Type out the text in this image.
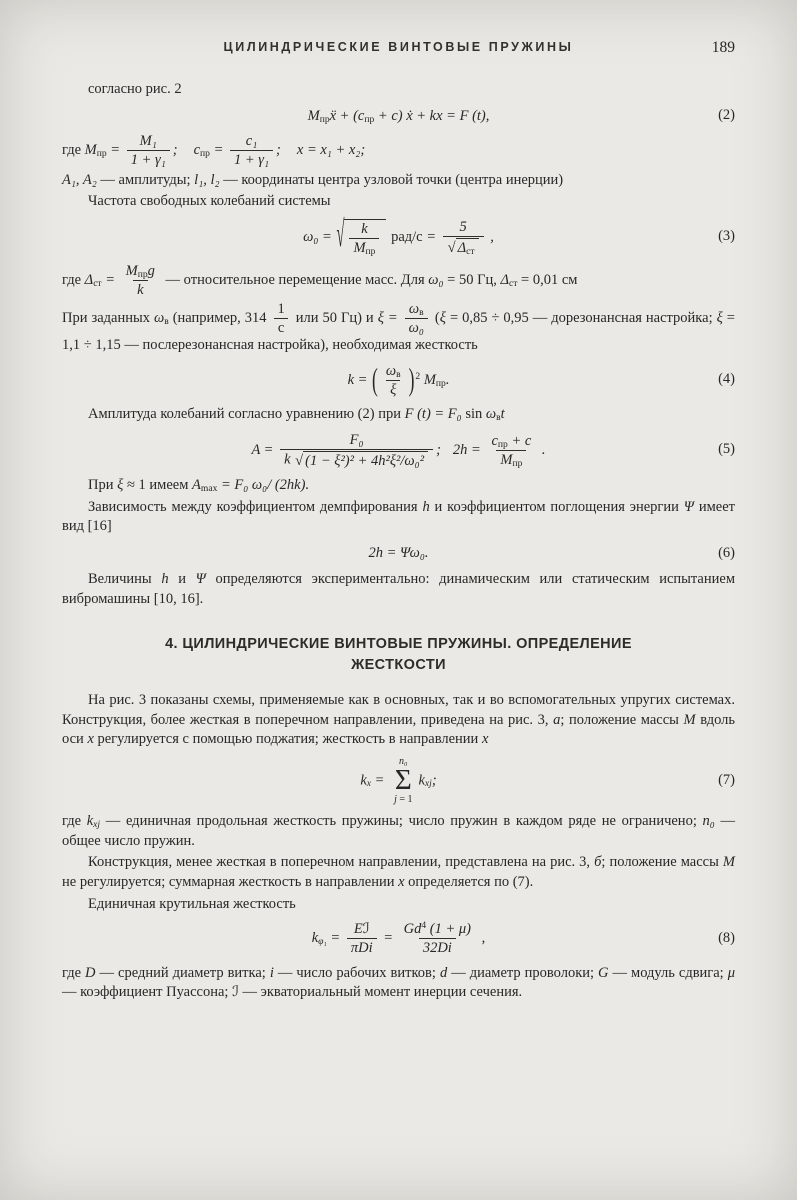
ЦИЛИНДРИЧЕСКИЕ ВИНТОВЫЕ ПРУЖИНЫ	189
согласно рис. 2
$M_{пр}ẍ + (c_{пр} + c)$ ẋ + kx = F (t),	(2)
где $M_{пр} = \frac{\text{M₁}}{\text{1 + γ₁}}$ ; $c_{пр} = \frac{\text{c₁}}{\text{1 + γ₁}}$ ; x = x₁ + x₂;
A₁, A₂ — амплитуды; l₁, l₂ — координаты центра узловой точки (центра инерции)
Частота свободных колебаний системы
ω₀ = √ $\frac{k}{M_{пр}} рад/с = \frac{5}{√ \Delta_{ст}}$ ,	(3)
где $\Delta_{ст} = \frac{M_{пр}g}{k}$ — относительное перемещение масс. Для ω₀ = 50 Гц, $\Delta_{ст} = 0,01$ см
При заданных $\omega_в$ (например, $314 \frac{1}{с}$ или 50 Гц) и $\xi = \frac{\omega_в}{\text{ω₀}} (\xi = 0,85 \div 0,95$ — дорезонансная настройка; ξ = 1,1 ÷ 1,15 — послерезонансная настройка), необходимая жесткость
k = ( $\frac{\omega_в}{\xi} )^2$ $M_{пр}$.	(4)
Амплитуда колебаний согласно уравнению (2) при F (t) = F₀ $\sin \omega_вt$
$A = \frac{\text{F₀}}{\text{k √ (1 − ξ²)² + 4h²ξ²/ω₀²}}$ ; $2h = \frac{c_{пр} + c}{M_{пр}}$ .	(5)
При ξ ≈ 1 имеем $A_{max} = F_0$ ω₀/ (2hk).
Зависимость между коэффициентом демпфирования h и коэффициентом поглощения энергии Ψ имеет вид [16]
2h = Ψω₀.	(6)
Величины h и Ψ определяются экспериментально: динамическим или статическим испытанием вибромашины [10, 16].
4. ЦИЛИНДРИЧЕСКИЕ ВИНТОВЫЕ ПРУЖИНЫ. ОПРЕДЕЛЕНИЕ
ЖЕСТКОСТИ
На рис. 3 показаны схемы, применяемые как в основных, так и во вспомогательных упругих системах. Конструкция, более жесткая в поперечном направлении, приведена на рис. 3, а; положение массы M вдоль оси x регулируется с помощью поджатия; жесткость в направлении x
$k_x$ =
n₀
Σ
j = 1
$k_{xj}$;	(7)
где $k_{xj}$ — единичная продольная жесткость пружины; число пружин в каждом ряде не ограничено; n₀ — общее число пружин.
Конструкция, менее жесткая в поперечном направлении, представлена на рис. 3, б; положение массы M не регулируется; суммарная жесткость в направлении x определяется по (7).
Единичная крутильная жесткость
$k_{\varphi_1} = \frac{\text{Eℐ}}{\text{πDi}} = \frac{Gd^4 (1 + \mu)}{32Di}$ ,	(8)
где D — средний диаметр витка; i — число рабочих витков; d — диаметр проволоки; G — модуль сдвига; μ — коэффициент Пуассона; ℐ — экваториальный момент инерции сечения.
